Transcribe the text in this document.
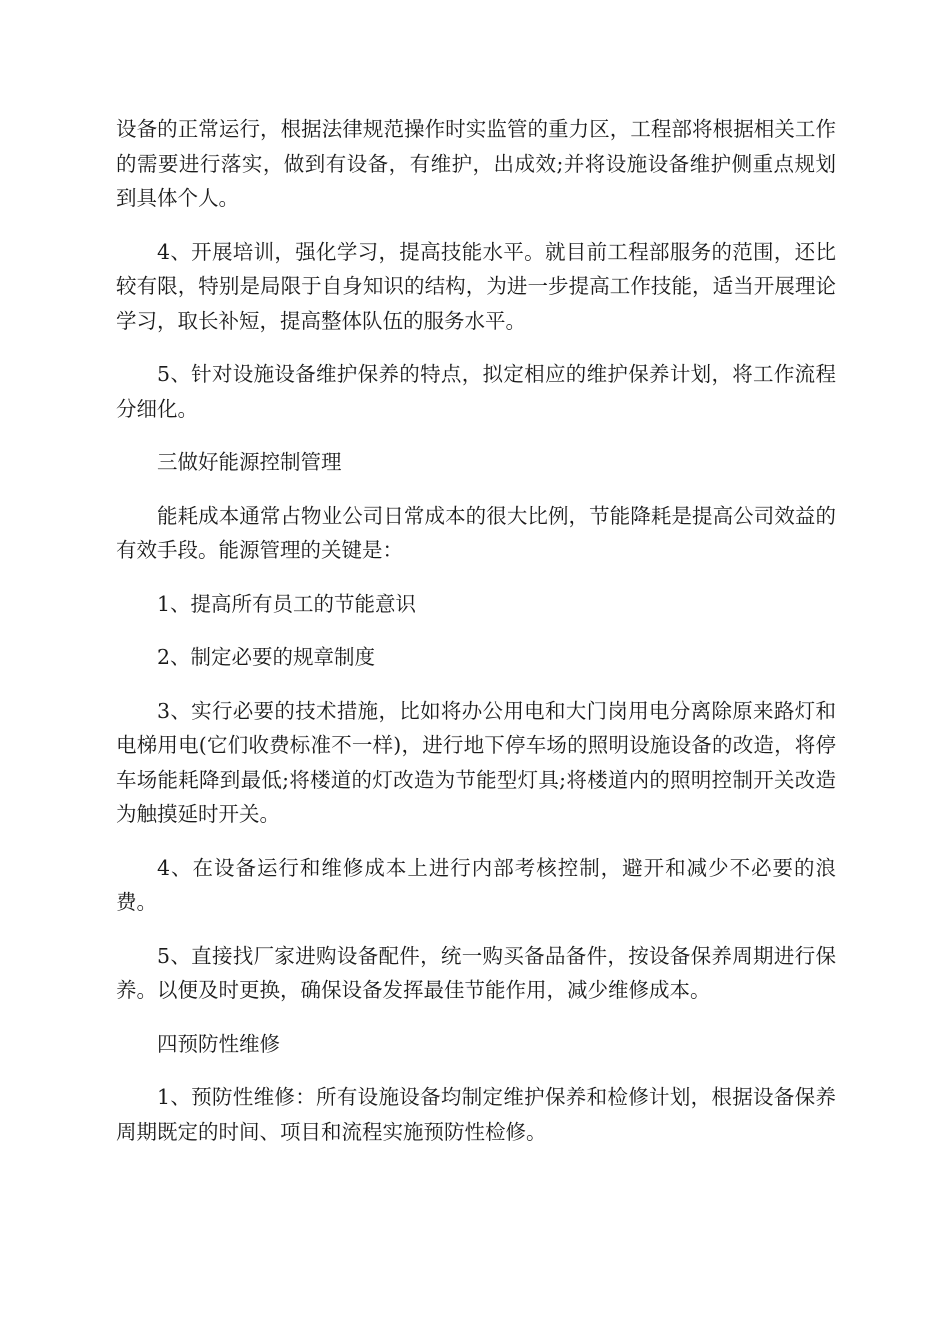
设备的正常运行，根据法律规范操作时实监管的重力区，工程部将根据相关工作的需要进行落实，做到有设备，有维护，出成效;并将设施设备维护侧重点规划到具体个人。

4、开展培训，强化学习，提高技能水平。就目前工程部服务的范围，还比较有限，特别是局限于自身知识的结构，为进一步提高工作技能，适当开展理论学习，取长补短，提高整体队伍的服务水平。

5、针对设施设备维护保养的特点，拟定相应的维护保养计划，将工作流程分细化。

三做好能源控制管理

能耗成本通常占物业公司日常成本的很大比例，节能降耗是提高公司效益的有效手段。能源管理的关键是：

1、提高所有员工的节能意识

2、制定必要的规章制度

3、实行必要的技术措施，比如将办公用电和大门岗用电分离除原来路灯和电梯用电(它们收费标准不一样)，进行地下停车场的照明设施设备的改造，将停车场能耗降到最低;将楼道的灯改造为节能型灯具;将楼道内的照明控制开关改造为触摸延时开关。

4、在设备运行和维修成本上进行内部考核控制，避开和减少不必要的浪费。

5、直接找厂家进购设备配件，统一购买备品备件，按设备保养周期进行保养。以便及时更换，确保设备发挥最佳节能作用，减少维修成本。

四预防性维修

1、预防性维修：所有设施设备均制定维护保养和检修计划，根据设备保养周期既定的时间、项目和流程实施预防性检修。
